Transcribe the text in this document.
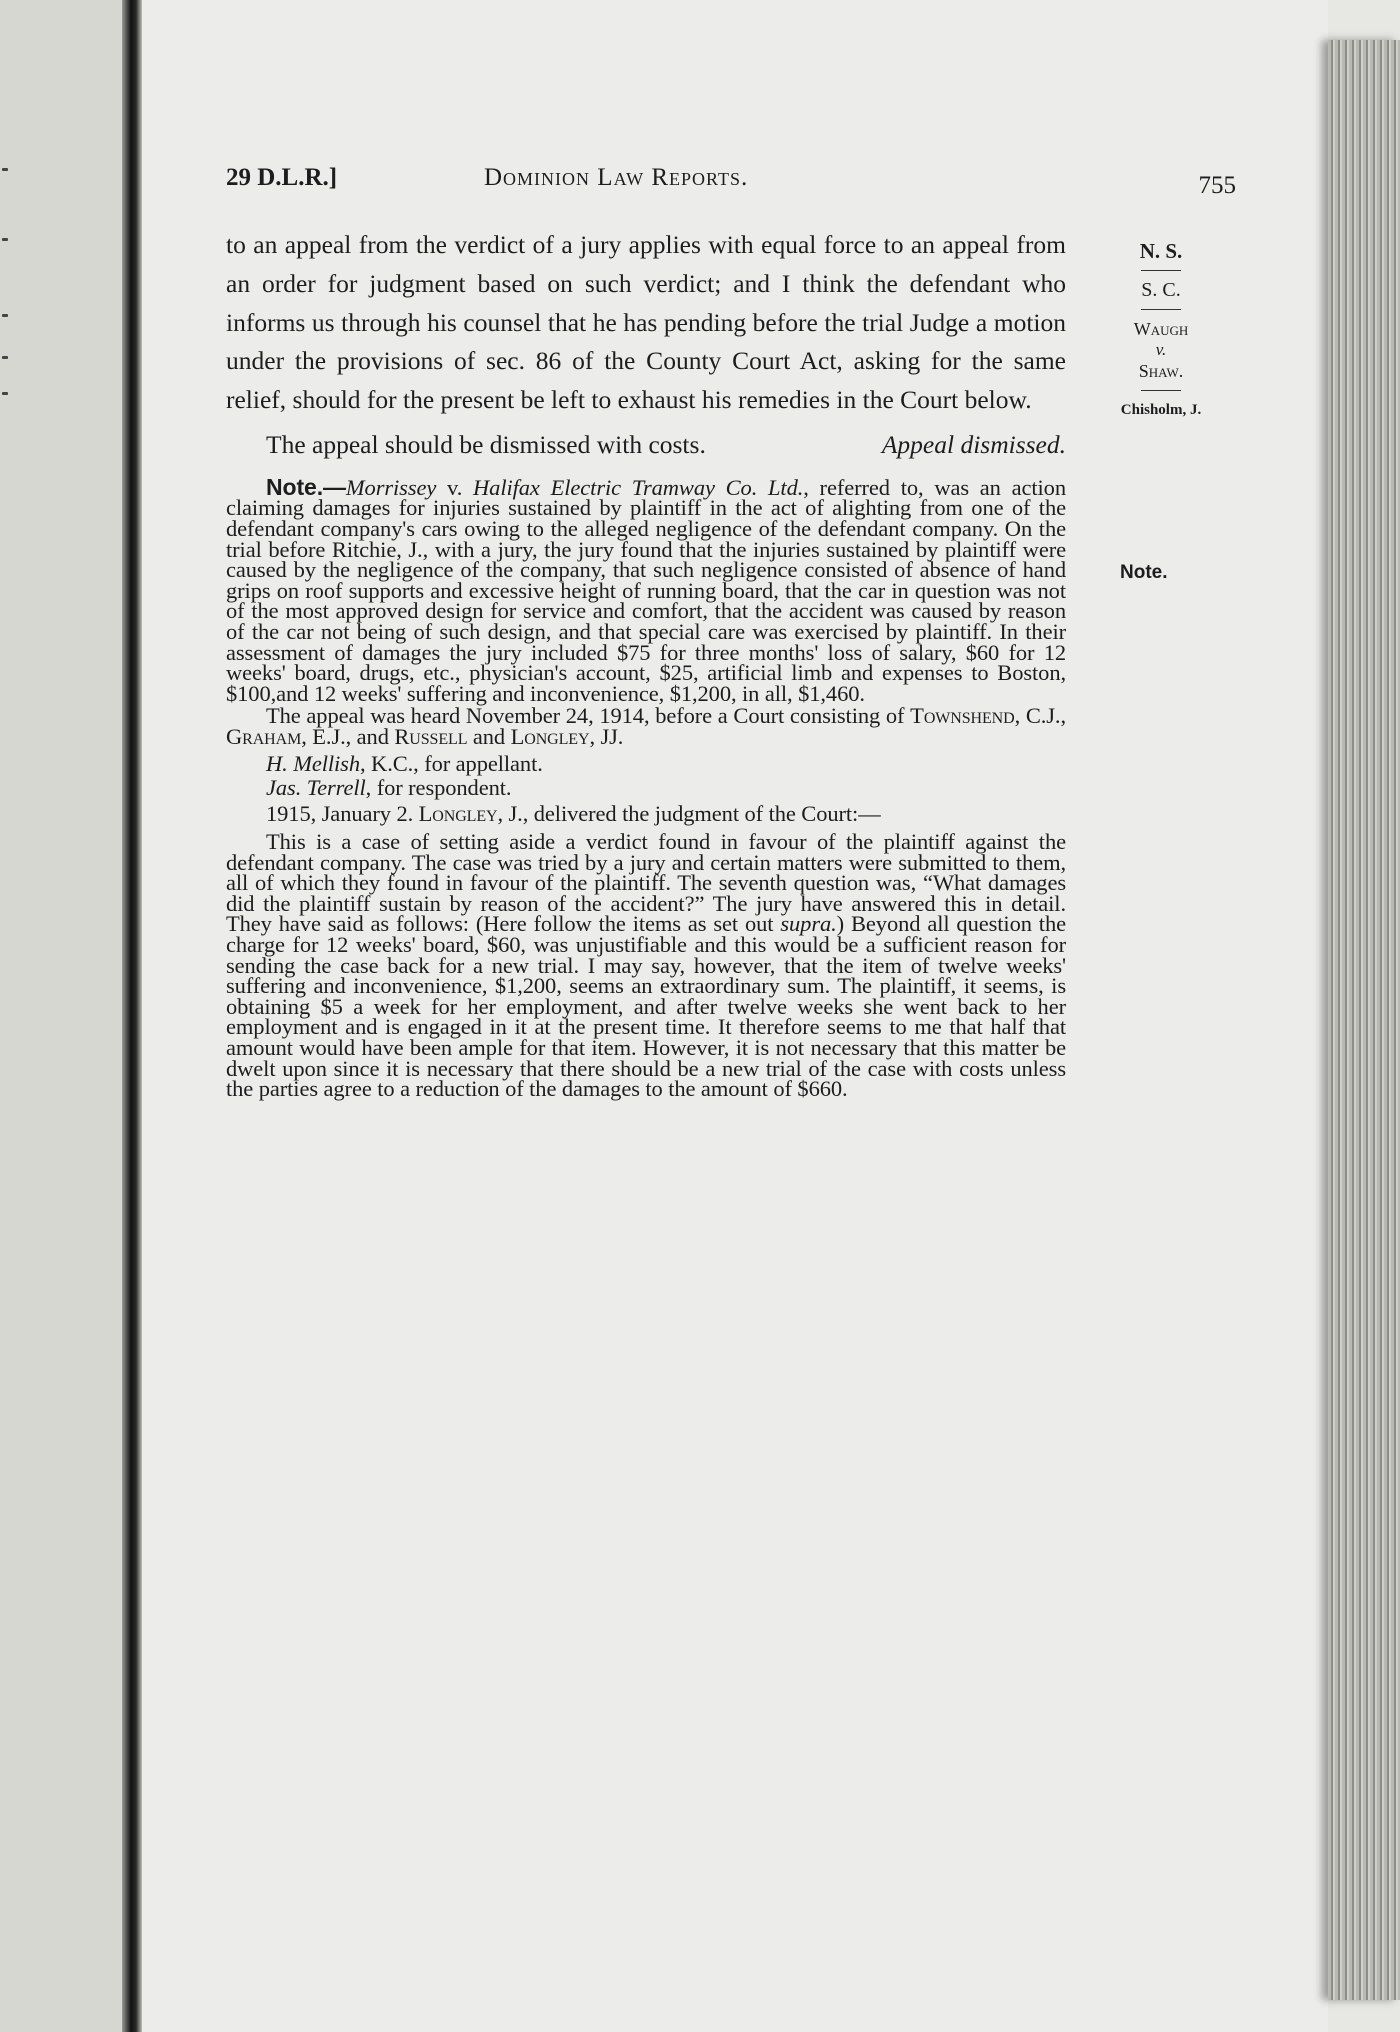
29 D.L.R.]	Dominion Law Reports.	755
N. S.
S. C.
Waugh
v.
Shaw.
Chisholm, J.
Note.

to an appeal from the verdict of a jury applies with equal force to an appeal from an order for judgment based on such verdict; and I think the defendant who informs us through his counsel that he has pending before the trial Judge a motion under the provisions of sec. 86 of the County Court Act, asking for the same relief, should for the present be left to exhaust his remedies in the Court below.

The appeal should be dismissed with costs.	Appeal dismissed.

Note.—Morrissey v. Halifax Electric Tramway Co. Ltd., referred to, was an action claiming damages for injuries sustained by plaintiff in the act of alighting from one of the defendant company's cars owing to the alleged negligence of the defendant company. On the trial before Ritchie, J., with a jury, the jury found that the injuries sustained by plaintiff were caused by the negligence of the company, that such negligence consisted of absence of hand grips on roof supports and excessive height of running board, that the car in question was not of the most approved design for service and comfort, that the accident was caused by reason of the car not being of such design, and that special care was exercised by plaintiff. In their assessment of damages the jury included $75 for three months' loss of salary, $60 for 12 weeks' board, drugs, etc., physician's account, $25, artificial limb and expenses to Boston, $100,and 12 weeks' suffering and inconvenience, $1,200, in all, $1,460.

The appeal was heard November 24, 1914, before a Court consisting of Townshend, C.J., Graham, E.J., and Russell and Longley, JJ.

H. Mellish, K.C., for appellant.

Jas. Terrell, for respondent.

1915, January 2. Longley, J., delivered the judgment of the Court:—

This is a case of setting aside a verdict found in favour of the plaintiff against the defendant company. The case was tried by a jury and certain matters were submitted to them, all of which they found in favour of the plaintiff. The seventh question was, “What damages did the plaintiff sustain by reason of the accident?” The jury have answered this in detail. They have said as follows: (Here follow the items as set out supra.) Beyond all question the charge for 12 weeks' board, $60, was unjustifiable and this would be a sufficient reason for sending the case back for a new trial. I may say, however, that the item of twelve weeks' suffering and inconvenience, $1,200, seems an extraordinary sum. The plaintiff, it seems, is obtaining $5 a week for her employment, and after twelve weeks she went back to her employment and is engaged in it at the present time. It therefore seems to me that half that amount would have been ample for that item. However, it is not necessary that this matter be dwelt upon since it is necessary that there should be a new trial of the case with costs unless the parties agree to a reduction of the damages to the amount of $660.
